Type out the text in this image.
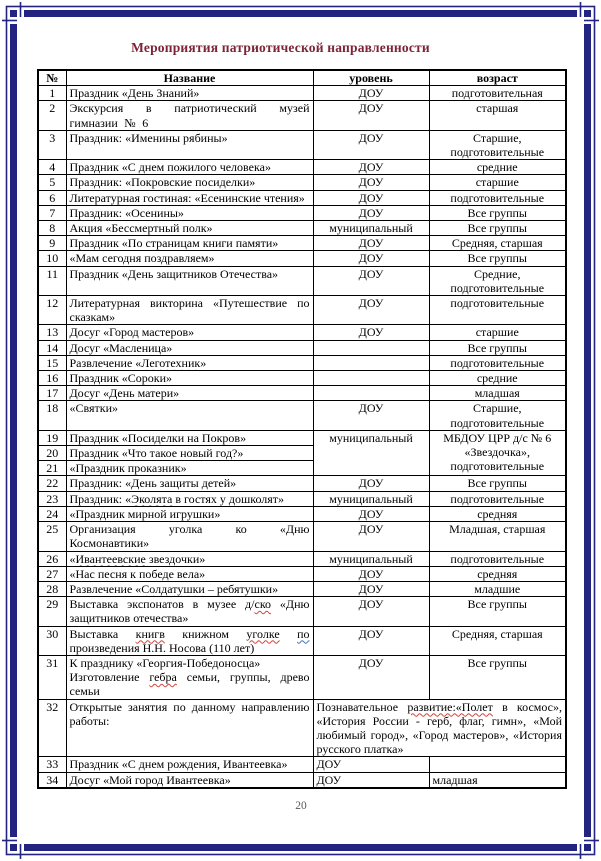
Мероприятия патриотической направленности
№	Название	уровень	возраст
1	Праздник «День Знаний»	ДОУ	подготовительная
2	Экскурсия в патриотический музей гимназии № 6	ДОУ	старшая
3	Праздник: «Именины рябины»	ДОУ	Старшие, подготовительные
4	Праздник «С днем пожилого человека»	ДОУ	средние
5	Праздник: «Покровские посиделки»	ДОУ	старшие
6	Литературная гостиная: «Есенинские чтения»	ДОУ	подготовительные
7	Праздник: «Осенины»	ДОУ	Все группы
8	Акция «Бессмертный полк»	муниципальный	Все группы
9	Праздник «По страницам книги памяти»	ДОУ	Средняя, старшая
10	«Мам сегодня поздравляем»	ДОУ	Все группы
11	Праздник «День защитников Отечества»	ДОУ	Средние, подготовительные
12	Литературная викторина «Путешествие по сказкам»	ДОУ	подготовительные
13	Досуг «Город мастеров»	ДОУ	старшие
14	Досуг «Масленица»		Все группы
15	Развлечение «Леготехник»		подготовительные
16	Праздник «Сороки»		средние
17	Досуг «День матери»		младшая
18	«Святки»	ДОУ	Старшие, подготовительные
19	Праздник «Посиделки на Покров»	муниципальный	МБДОУ ЦРР д/с № 6 «Звездочка», подготовительные
20	Праздник «Что такое новый год?»		
21	«Праздник проказник»		
22	Праздник: «День защиты детей»	ДОУ	Все группы
23	Праздник: «Эколята в гостях у дошколят»	муниципальный	подготовительные
24	«Праздник мирной игрушки»	ДОУ	средняя
25	Организация уголка ко «Дню Космонавтики»	ДОУ	Младшая, старшая
26	«Ивантеевские звездочки»	муниципальный	подготовительные
27	«Нас песня к победе вела»	ДОУ	средняя
28	Развлечение «Солдатушки – ребятушки»	ДОУ	младшие
29	Выставка экспонатов в музее д/ско «Дню защитников отечества»	ДОУ	Все группы
30	Выставка книгв книжном уголке по произведения Н.Н. Носова (110 лет)	ДОУ	Средняя, старшая
31	К празднику «Георгия-Победоносца»
Изготовление гебра семьи, группы, древо семьи	ДОУ	Все группы
32	Открытые занятия по данному направлению работы:	Познавательное развитие:«Полет в космос», «История России - герб, флаг, гимн», «Мой любимый город», «Город мастеров», «История русского платка»	
33	Праздник «С днем рождения, Ивантеевка»	ДОУ	
34	Досуг «Мой город Ивантеевка»	ДОУ	младшая
20
